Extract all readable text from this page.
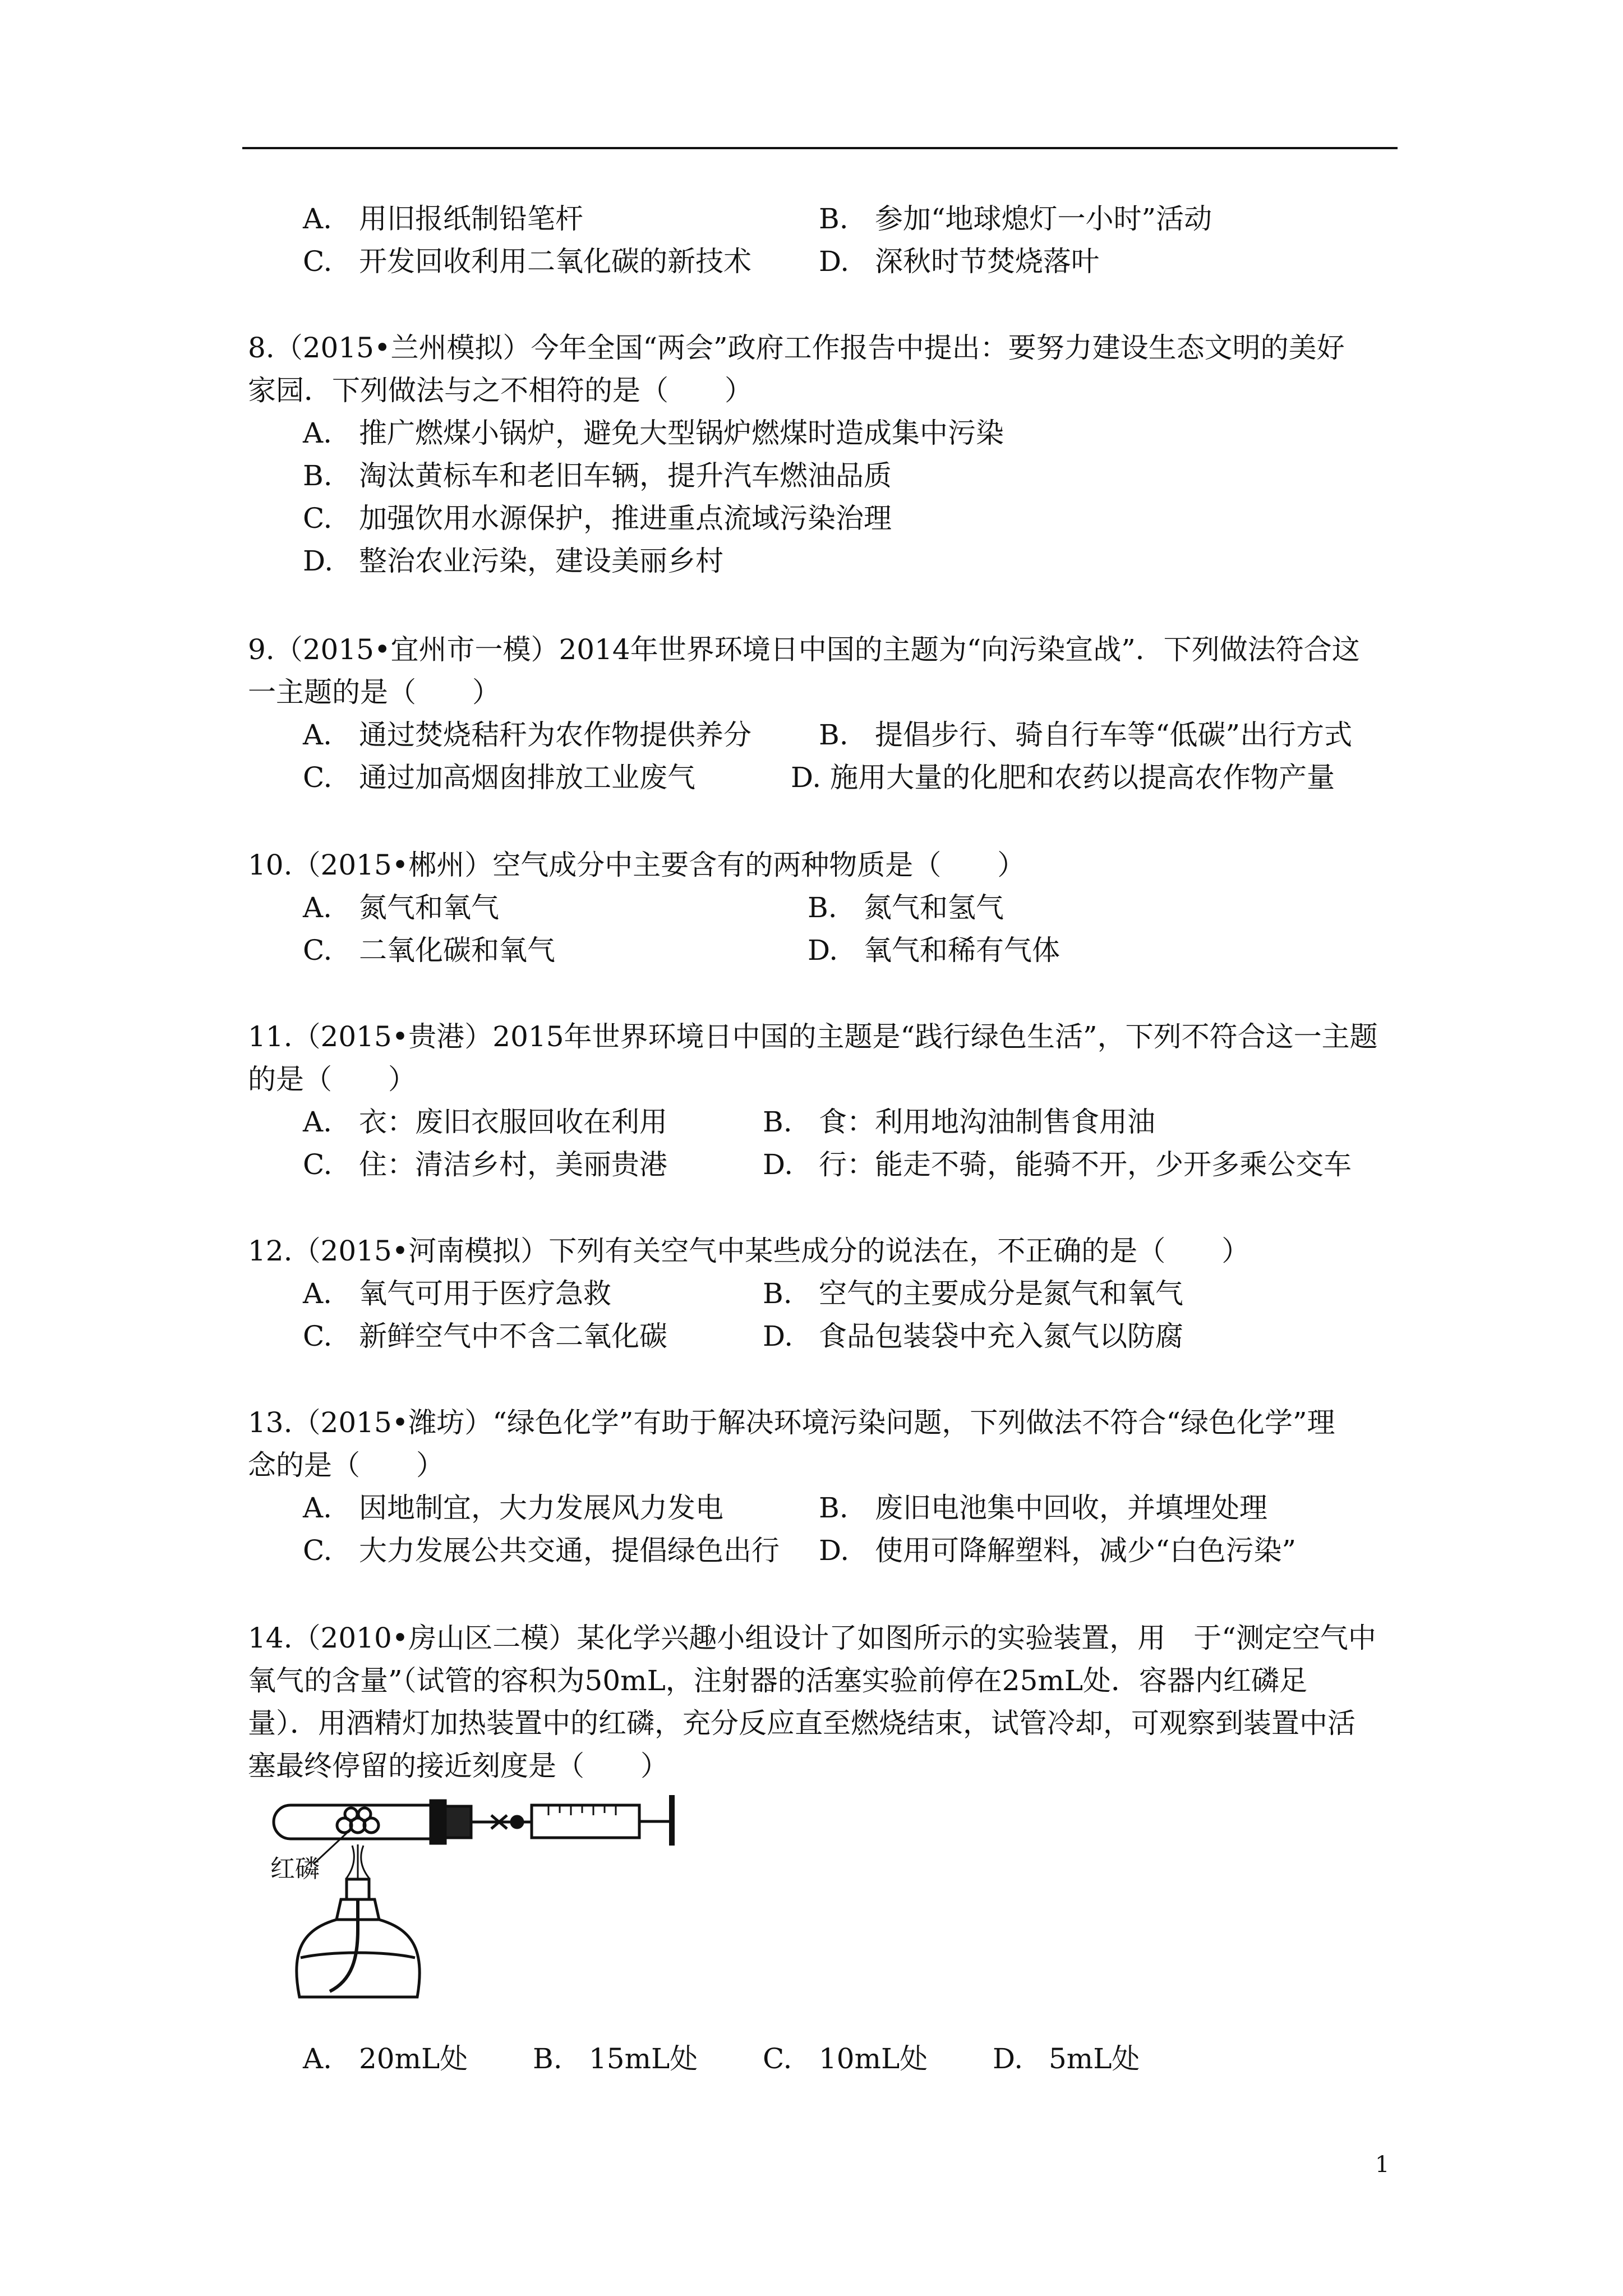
A. 用旧报纸制铅笔杆	B. 参加“地球熄灯一小时”活动
C. 开发回收利用二氧化碳的新技术 D. 深秋时节焚烧落叶
8.（2015•兰州模拟）今年全国“两会”政府工作报告中提出：要努力建设生态文明的美好
家园．下列做法与之不相符的是（　　）
A. 推广燃煤小锅炉，避免大型锅炉燃煤时造成集中污染
B. 淘汰黄标车和老旧车辆，提升汽车燃油品质
C. 加强饮用水源保护，推进重点流域污染治理
D. 整治农业污染，建设美丽乡村
9.（2015•宜州市一模）2014年世界环境日中国的主题为“向污染宣战”．下列做法符合这
一主题的是（　　）
A. 通过焚烧秸秆为农作物提供养分 B. 提倡步行、骑自行车等“低碳”出行方式
C. 通过加高烟囱排放工业废气	D. 施用大量的化肥和农药以提高农作物产量
10.（2015•郴州）空气成分中主要含有的两种物质是（　　）
A. 氮气和氧气	B. 氮气和氢气
C. 二氧化碳和氧气	D. 氧气和稀有气体
11.（2015•贵港）2015年世界环境日中国的主题是“践行绿色生活”，下列不符合这一主题
的是（　　）
A. 衣：废旧衣服回收在利用	B. 食：利用地沟油制售食用油
C. 住：清洁乡村，美丽贵港	D. 行：能走不骑，能骑不开，少开多乘公交车
12.（2015•河南模拟）下列有关空气中某些成分的说法在，不正确的是（　　）
A. 氧气可用于医疗急救	B. 空气的主要成分是氮气和氧气
C. 新鲜空气中不含二氧化碳	D. 食品包装袋中充入氮气以防腐
13.（2015•潍坊）“绿色化学”有助于解决环境污染问题，下列做法不符合“绿色化学”理
念的是（　　）
A. 因地制宜，大力发展风力发电	B. 废旧电池集中回收，并填埋处理
C. 大力发展公共交通，提倡绿色出行 D. 使用可降解塑料，减少“白色污染”
14.（2010•房山区二模）某化学兴趣小组设计了如图所示的实验装置，用　于“测定空气中
氧气的含量”（试管的容积为50mL，注射器的活塞实验前停在25mL处．容器内红磷足
量）．用酒精灯加热装置中的红磷，充分反应直至燃烧结束，试管冷却，可观察到装置中活
塞最终停留的接近刻度是（　　）
红磷
A. 20mL处 B. 15mL处 C. 10mL处 D. 5mL处
1
